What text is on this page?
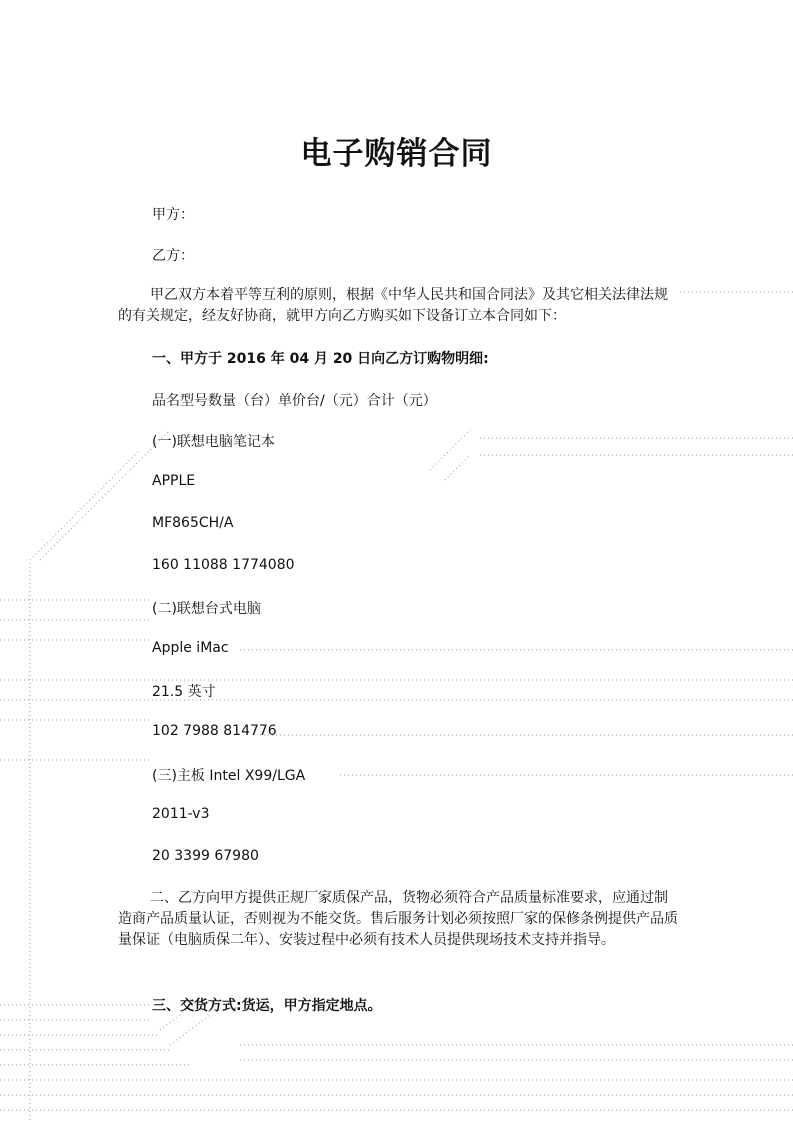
电子购销合同
甲方：
乙方：
甲乙双方本着平等互利的原则，根据《中华人民共和国合同法》及其它相关法律法规的有关规定，经友好协商，就甲方向乙方购买如下设备订立本合同如下：
一、甲方于 2016 年 04 月 20 日向乙方订购物明细:
品名型号数量（台）单价台/（元）合计（元）
(一)联想电脑笔记本
APPLE
MF865CH/A
160 11088 1774080
(二)联想台式电脑
Apple iMac
21.5 英寸
102 7988 814776
(三)主板 Intel X99/LGA
2011-v3
20 3399 67980
二、乙方向甲方提供正规厂家质保产品，货物必须符合产品质量标准要求，应通过制造商产品质量认证，否则视为不能交货。售后服务计划必须按照厂家的保修条例提供产品质量保证（电脑质保二年）、安装过程中必须有技术人员提供现场技术支持并指导。
三、交货方式:货运，甲方指定地点。
